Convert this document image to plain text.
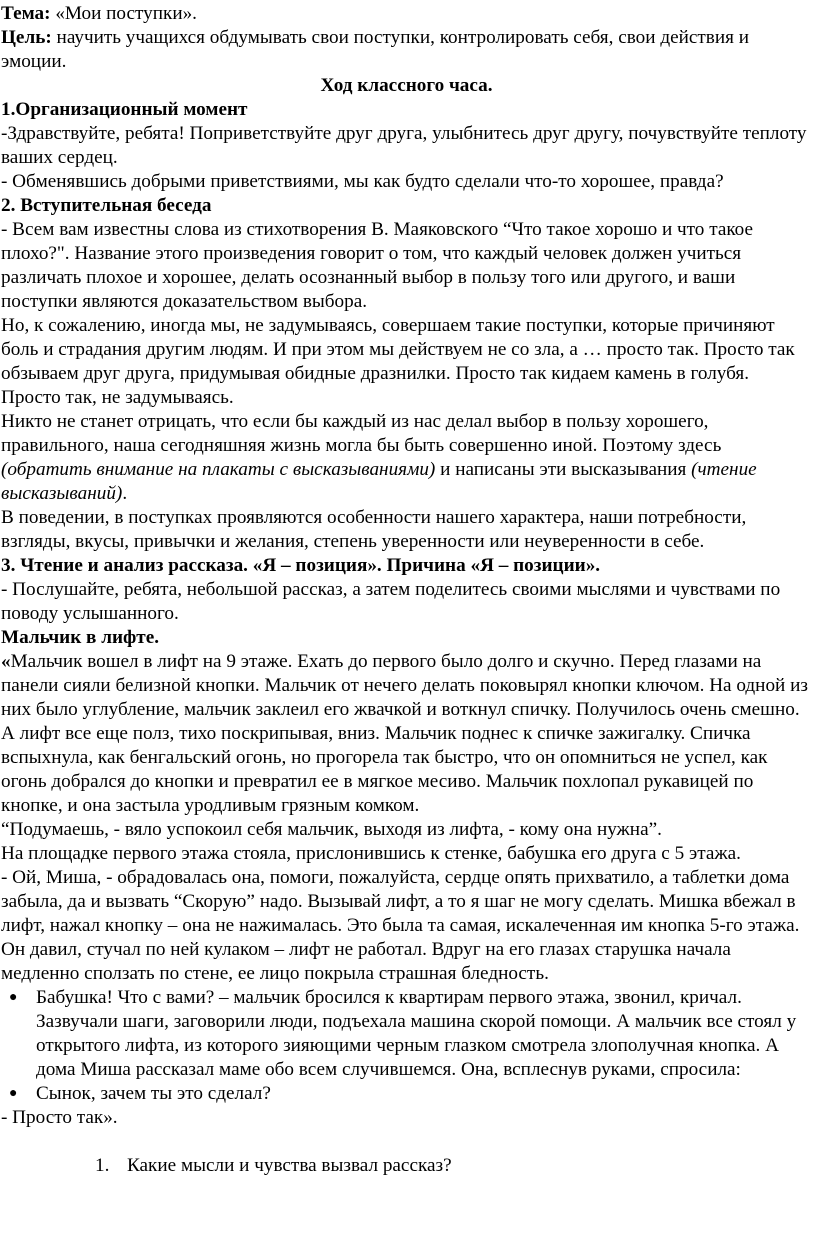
Тема: «Мои поступки».

Цель: научить учащихся обдумывать свои поступки, контролировать себя, свои действия и эмоции.

Ход классного часа.

1.Организационный момент

-Здравствуйте, ребята! Поприветствуйте друг друга, улыбнитесь друг другу, почувствуйте теплоту ваших сердец.

- Обменявшись добрыми приветствиями, мы как будто сделали что-то хорошее, правда?

2. Вступительная беседа

- Всем вам известны слова из стихотворения В. Маяковского “Что такое хорошо и что такое плохо?". Название этого произведения говорит о том, что каждый человек должен учиться различать плохое и хорошее, делать осознанный выбор в пользу того или другого, и ваши поступки являются доказательством выбора.

Но, к сожалению, иногда мы, не задумываясь, совершаем такие поступки, которые причиняют боль и страдания другим людям. И при этом мы действуем не со зла, а … просто так. Просто так обзываем друг друга, придумывая обидные дразнилки. Просто так кидаем камень в голубя. Просто так, не задумываясь.

Никто не станет отрицать, что если бы каждый из нас делал выбор в пользу хорошего, правильного, наша сегодняшняя жизнь могла бы быть совершенно иной. Поэтому здесь (обратить внимание на плакаты с высказываниями) и написаны эти высказывания (чтение высказываний).

В поведении, в поступках проявляются особенности нашего характера, наши потребности, взгляды, вкусы, привычки и желания, степень уверенности или неуверенности в себе.

3. Чтение и анализ рассказа. «Я – позиция». Причина «Я – позиции».

- Послушайте, ребята, небольшой рассказ, а затем поделитесь своими мыслями и чувствами по поводу услышанного.

Мальчик в лифте.

«Мальчик вошел в лифт на 9 этаже. Ехать до первого было долго и скучно. Перед глазами на панели сияли белизной кнопки. Мальчик от нечего делать поковырял кнопки ключом. На одной из них было углубление, мальчик заклеил его жвачкой и воткнул спичку. Получилось очень смешно. А лифт все еще полз, тихо поскрипывая, вниз. Мальчик поднес к спичке зажигалку. Спичка вспыхнула, как бенгальский огонь, но прогорела так быстро, что он опомниться не успел, как огонь добрался до кнопки и превратил ее в мягкое месиво. Мальчик похлопал рукавицей по кнопке, и она застыла уродливым грязным комком.

“Подумаешь, - вяло успокоил себя мальчик, выходя из лифта, - кому она нужна”.

На площадке первого этажа стояла, прислонившись к стенке, бабушка его друга с 5 этажа.

- Ой, Миша, - обрадовалась она, помоги, пожалуйста, сердце опять прихватило, а таблетки дома забыла, да и вызвать “Скорую” надо. Вызывай лифт, а то я шаг не могу сделать. Мишка вбежал в лифт, нажал кнопку – она не нажималась. Это была та самая, искалеченная им кнопка 5-го этажа. Он давил, стучал по ней кулаком – лифт не работал. Вдруг на его глазах старушка начала медленно сползать по стене, ее лицо покрыла страшная бледность.

● Бабушка! Что с вами? – мальчик бросился к квартирам первого этажа, звонил, кричал. Зазвучали шаги, заговорили люди, подъехала машина скорой помощи. А мальчик все стоял у открытого лифта, из которого зияющими черным глазком смотрела злополучная кнопка. А дома Миша рассказал маме обо всем случившемся. Она, всплеснув руками, спросила:
● Сынок, зачем ты это сделал?

- Просто так».

1. Какие мысли и чувства вызвал рассказ?
